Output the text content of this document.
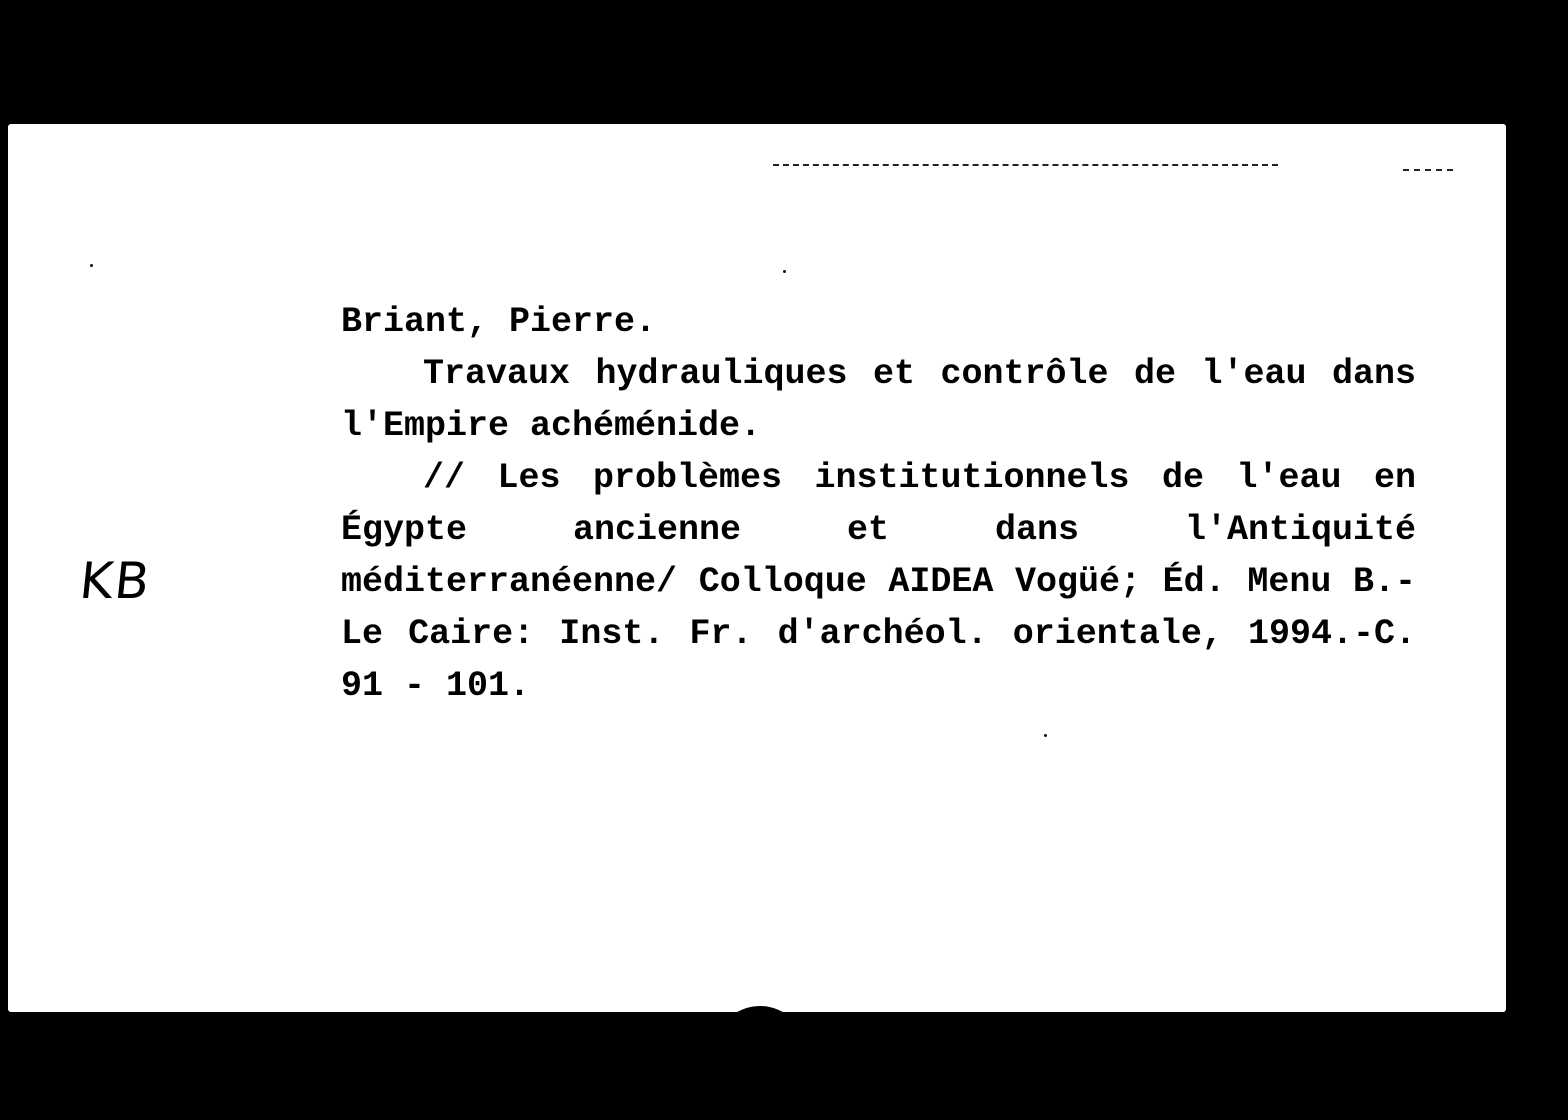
KB

Briant, Pierre.

Travaux hydrauliques et contrôle de l'eau dans l'Empire achéménide.

// Les problèmes institutionnels de l'eau en Égypte ancienne et dans l'Antiquité méditerranéenne/ Colloque AIDEA Vogüé; Éd. Menu B.- Le Caire: Inst. Fr. d'archéol. orientale, 1994.-C. 91 - 101.

B21E3-28
